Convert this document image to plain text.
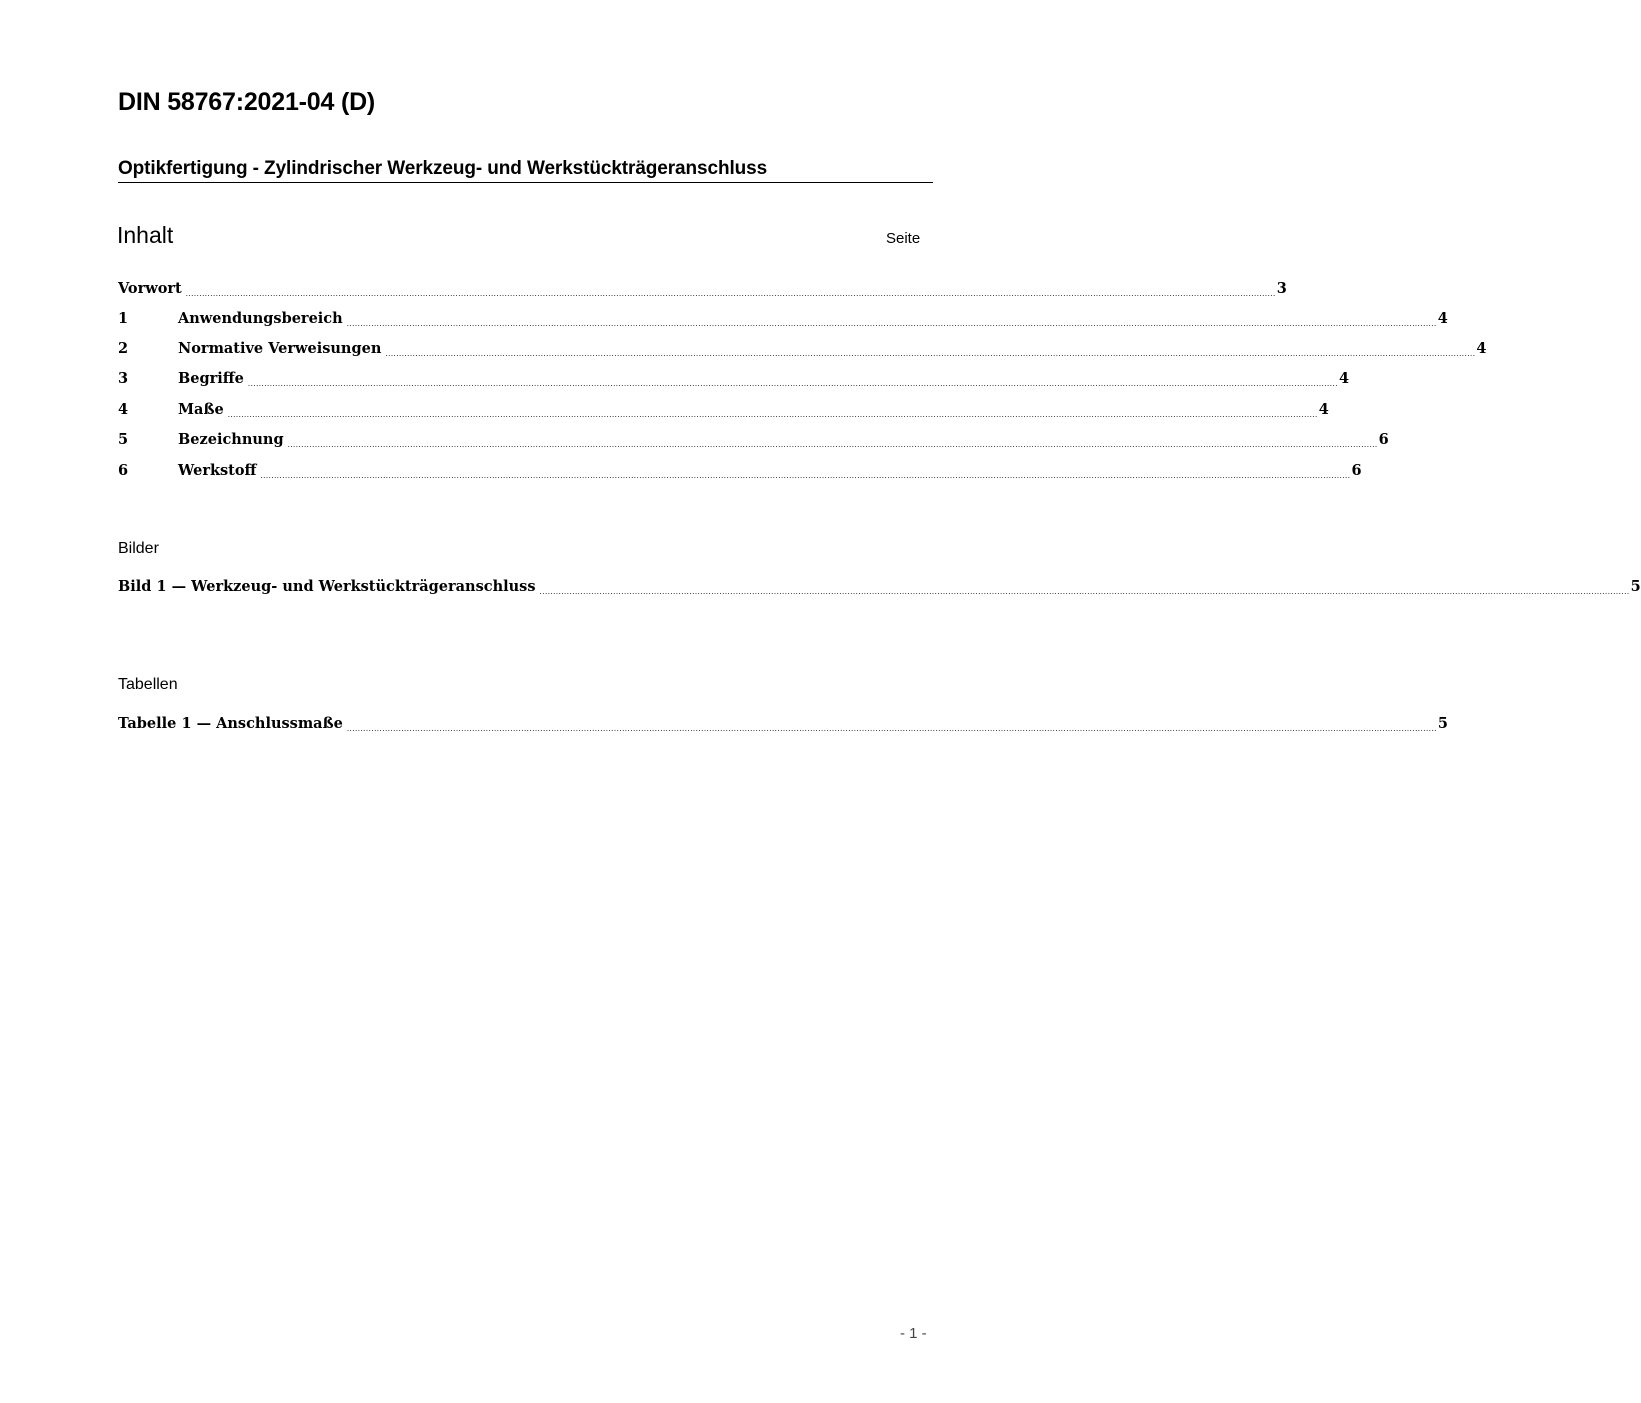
DIN 58767:2021-04 (D)
Optikfertigung - Zylindrischer Werkzeug- und Werkstückträgeranschluss
Inhalt	Seite
Vorwort ................................................................................................................................................................................................................................................................................................................................................................................................................ 3
1	Anwendungsbereich ................................................................................................................................................................................................................................................................................................................................................................................................................ 4
2	Normative Verweisungen ................................................................................................................................................................................................................................................................................................................................................................................................................ 4
3	Begriffe ................................................................................................................................................................................................................................................................................................................................................................................................................ 4
4	Maße ................................................................................................................................................................................................................................................................................................................................................................................................................ 4
5	Bezeichnung ................................................................................................................................................................................................................................................................................................................................................................................................................ 6
6	Werkstoff ................................................................................................................................................................................................................................................................................................................................................................................................................ 6
Bilder
Bild 1 — Werkzeug- und Werkstückträgeranschluss ................................................................................................................................................................................................................................................................................................................................................................................................................ 5
Tabellen
Tabelle 1 — Anschlussmaße ................................................................................................................................................................................................................................................................................................................................................................................................................ 5
- 1 -
